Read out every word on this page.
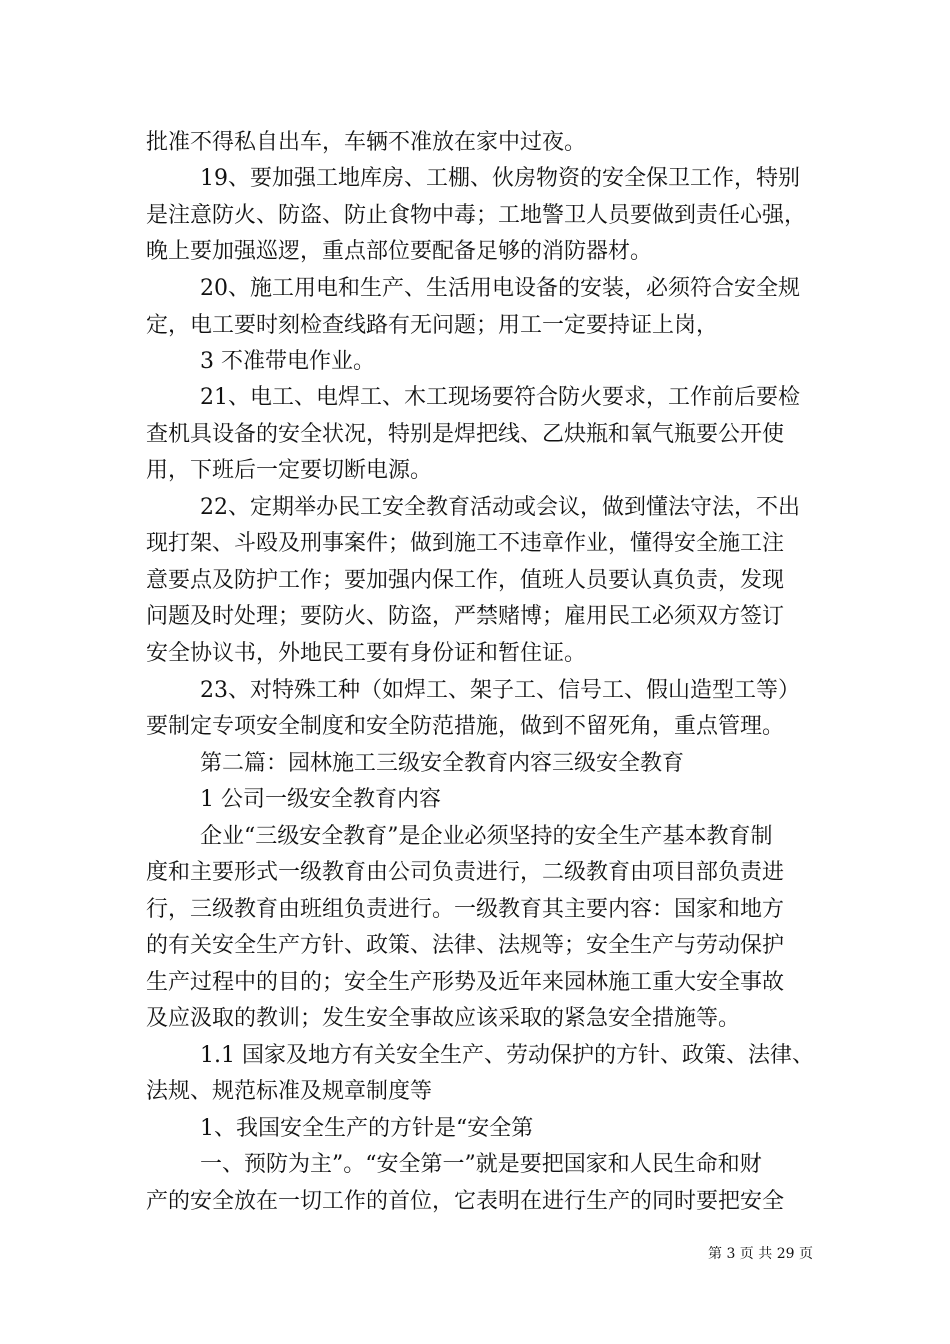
批准不得私自出车，车辆不准放在家中过夜。

19、要加强工地库房、工棚、伙房物资的安全保卫工作，特别

是注意防火、防盗、防止食物中毒；工地警卫人员要做到责任心强，

晚上要加强巡逻，重点部位要配备足够的消防器材。

20、施工用电和生产、生活用电设备的安装，必须符合安全规

定，电工要时刻检查线路有无问题；用工一定要持证上岗，

3 不准带电作业。

21、电工、电焊工、木工现场要符合防火要求，工作前后要检

查机具设备的安全状况，特别是焊把线、乙炔瓶和氧气瓶要公开使

用，下班后一定要切断电源。

22、定期举办民工安全教育活动或会议，做到懂法守法，不出

现打架、斗殴及刑事案件；做到施工不违章作业，懂得安全施工注

意要点及防护工作；要加强内保工作，值班人员要认真负责，发现

问题及时处理；要防火、防盗，严禁赌博；雇用民工必须双方签订

安全协议书，外地民工要有身份证和暂住证。

23、对特殊工种（如焊工、架子工、信号工、假山造型工等）

要制定专项安全制度和安全防范措施，做到不留死角，重点管理。

第二篇：园林施工三级安全教育内容三级安全教育

1 公司一级安全教育内容

企业“三级安全教育”是企业必须坚持的安全生产基本教育制

度和主要形式一级教育由公司负责进行，二级教育由项目部负责进

行，三级教育由班组负责进行。一级教育其主要内容：国家和地方

的有关安全生产方针、政策、法律、法规等；安全生产与劳动保护

生产过程中的目的；安全生产形势及近年来园林施工重大安全事故

及应汲取的教训；发生安全事故应该采取的紧急安全措施等。

1.1 国家及地方有关安全生产、劳动保护的方针、政策、法律、

法规、规范标准及规章制度等

1、我国安全生产的方针是“安全第

一、预防为主”。“安全第一”就是要把国家和人民生命和财

产的安全放在一切工作的首位，它表明在进行生产的同时要把安全

第 3 页 共 29 页
